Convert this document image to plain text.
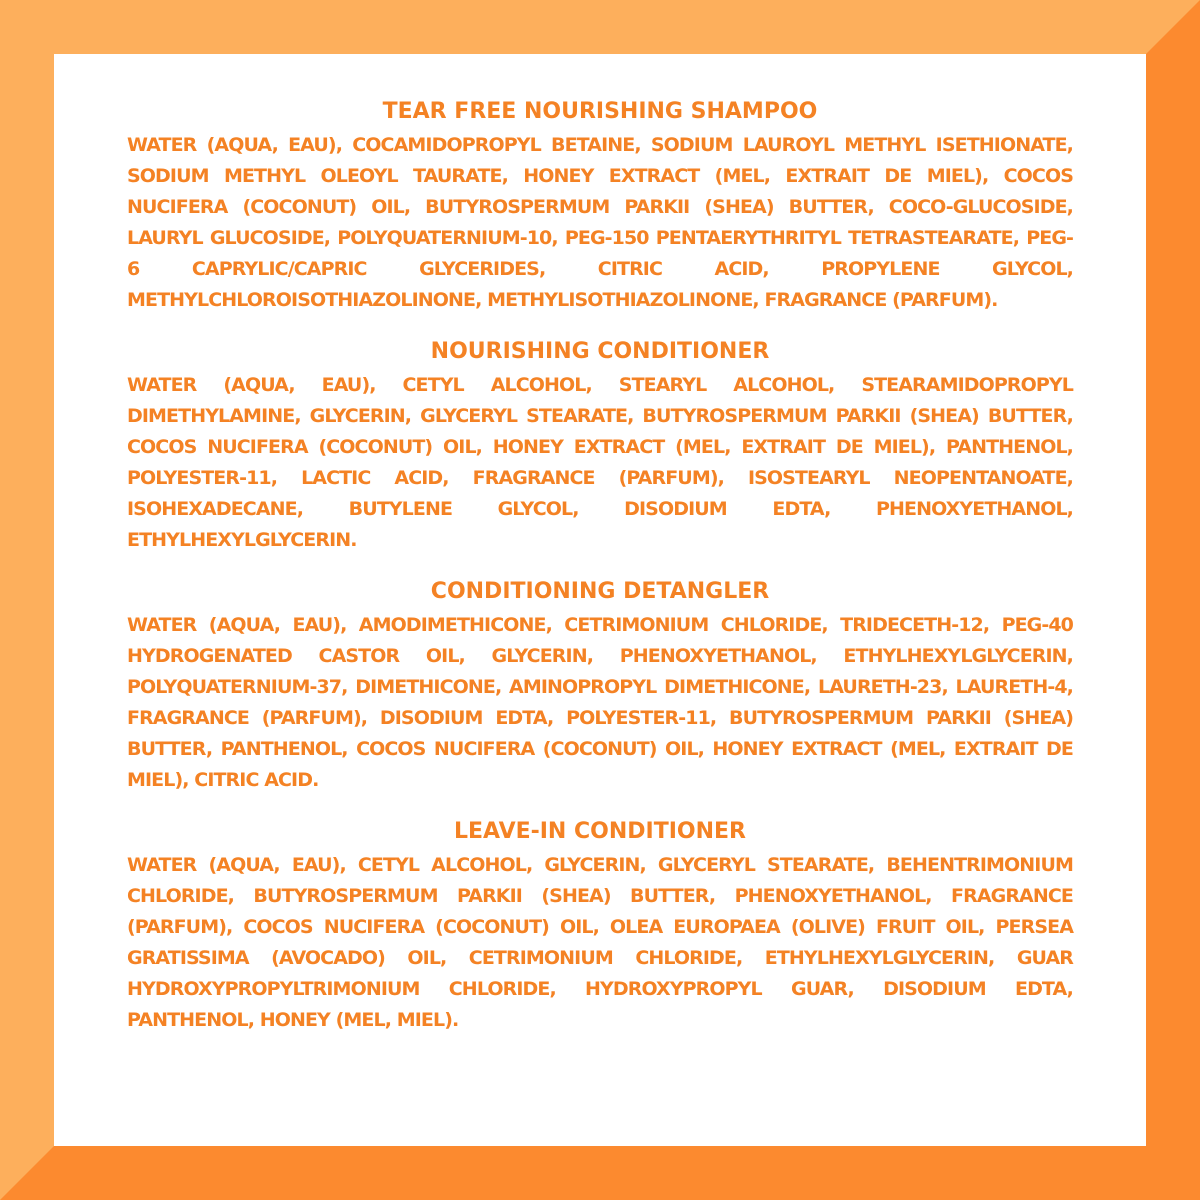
TEAR FREE NOURISHING SHAMPOO
WATER (AQUA, EAU), COCAMIDOPROPYL BETAINE, SODIUM LAUROYL METHYL ISETHIONATE, SODIUM METHYL OLEOYL TAURATE, HONEY EXTRACT (MEL, EXTRAIT DE MIEL), COCOS NUCIFERA (COCONUT) OIL, BUTYROSPERMUM PARKII (SHEA) BUTTER, COCO-GLUCOSIDE, LAURYL GLUCOSIDE, POLYQUATERNIUM-10, PEG-150 PENTAERYTHRITYL TETRASTEARATE, PEG-6 CAPRYLIC/CAPRIC GLYCERIDES, CITRIC ACID, PROPYLENE GLYCOL, METHYLCHLOROISOTHIAZOLINONE, METHYLISOTHIAZOLINONE, FRAGRANCE (PARFUM).
NOURISHING CONDITIONER
WATER (AQUA, EAU), CETYL ALCOHOL, STEARYL ALCOHOL, STEARAMIDOPROPYL DIMETHYLAMINE, GLYCERIN, GLYCERYL STEARATE, BUTYROSPERMUM PARKII (SHEA) BUTTER, COCOS NUCIFERA (COCONUT) OIL, HONEY EXTRACT (MEL, EXTRAIT DE MIEL), PANTHENOL, POLYESTER-11, LACTIC ACID, FRAGRANCE (PARFUM), ISOSTEARYL NEOPENTANOATE, ISOHEXADECANE, BUTYLENE GLYCOL, DISODIUM EDTA, PHENOXYETHANOL, ETHYLHEXYLGLYCERIN.
CONDITIONING DETANGLER
WATER (AQUA, EAU), AMODIMETHICONE, CETRIMONIUM CHLORIDE, TRIDECETH-12, PEG-40 HYDROGENATED CASTOR OIL, GLYCERIN, PHENOXYETHANOL, ETHYLHEXYLGLYCERIN, POLYQUATERNIUM-37, DIMETHICONE, AMINOPROPYL DIMETHICONE, LAURETH-23, LAURETH-4, FRAGRANCE (PARFUM), DISODIUM EDTA, POLYESTER-11, BUTYROSPERMUM PARKII (SHEA) BUTTER, PANTHENOL, COCOS NUCIFERA (COCONUT) OIL, HONEY EXTRACT (MEL, EXTRAIT DE MIEL), CITRIC ACID.
LEAVE-IN CONDITIONER
WATER (AQUA, EAU), CETYL ALCOHOL, GLYCERIN, GLYCERYL STEARATE, BEHENTRIMONIUM CHLORIDE, BUTYROSPERMUM PARKII (SHEA) BUTTER, PHENOXYETHANOL, FRAGRANCE (PARFUM), COCOS NUCIFERA (COCONUT) OIL, OLEA EUROPAEA (OLIVE) FRUIT OIL, PERSEA GRATISSIMA (AVOCADO) OIL, CETRIMONIUM CHLORIDE, ETHYLHEXYLGLYCERIN, GUAR HYDROXYPROPYLTRIMONIUM CHLORIDE, HYDROXYPROPYL GUAR, DISODIUM EDTA, PANTHENOL, HONEY (MEL, MIEL).
